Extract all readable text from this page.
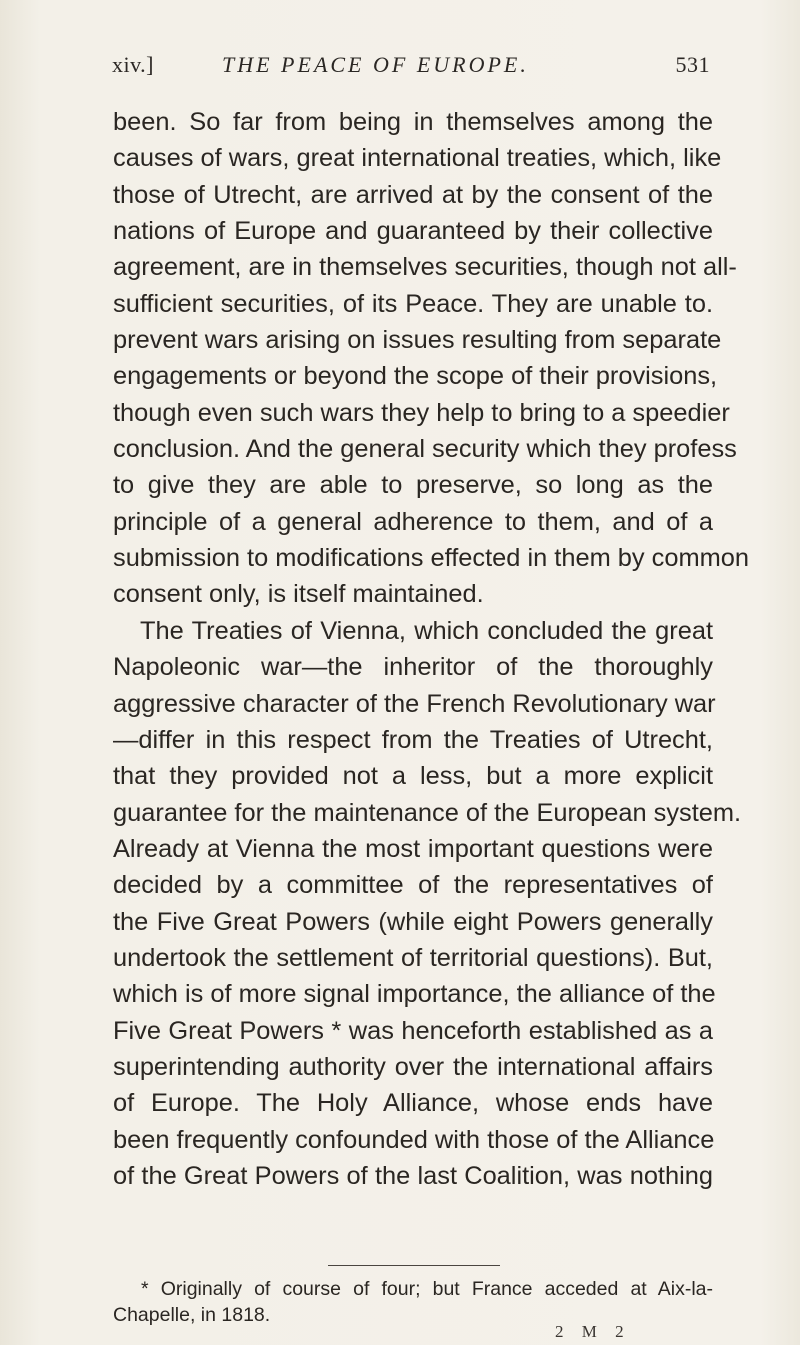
xiv.]	THE PEACE OF EUROPE.	531
been. So far from being in themselves among the
causes of wars, great international treaties, which, like
those of Utrecht, are arrived at by the consent of the
nations of Europe and guaranteed by their collective
agreement, are in themselves securities, though not all-
sufficient securities, of its Peace. They are unable to.
prevent wars arising on issues resulting from separate
engagements or beyond the scope of their provisions,
though even such wars they help to bring to a speedier
conclusion. And the general security which they profess
to give they are able to preserve, so long as the
principle of a general adherence to them, and of a
submission to modifications effected in them by common
consent only, is itself maintained.
The Treaties of Vienna, which concluded the great
Napoleonic war—the inheritor of the thoroughly
aggressive character of the French Revolutionary war
—differ in this respect from the Treaties of Utrecht,
that they provided not a less, but a more explicit
guarantee for the maintenance of the European system.
Already at Vienna the most important questions were
decided by a committee of the representatives of
the Five Great Powers (while eight Powers generally
undertook the settlement of territorial questions). But,
which is of more signal importance, the alliance of the
Five Great Powers * was henceforth established as a
superintending authority over the international affairs
of Europe. The Holy Alliance, whose ends have
been frequently confounded with those of the Alliance
of the Great Powers of the last Coalition, was nothing
* Originally of course of four; but France acceded at Aix-la-
Chapelle, in 1818.
2 M 2
